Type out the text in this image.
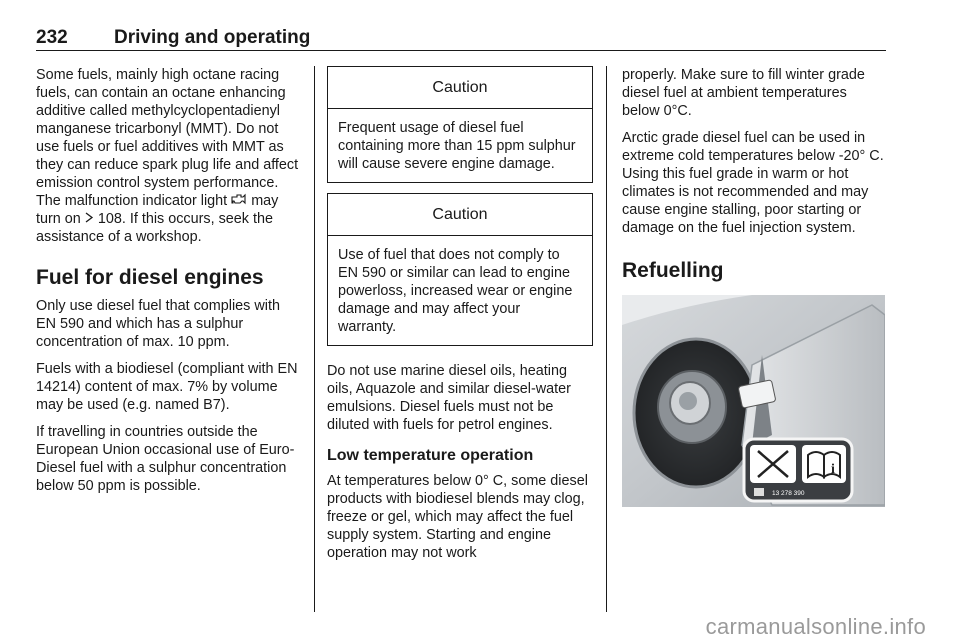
232 Driving and operating

Some fuels, mainly high octane racing fuels, can contain an octane enhancing additive called methylcyclopentadienyl manganese tricarbonyl (MMT). Do not use fuels or fuel additives with MMT as they can reduce spark plug life and affect emission control system performance. The malfunction indicator light may turn on 108. If this occurs, seek the assistance of a workshop.

Fuel for diesel engines

Only use diesel fuel that complies with EN 590 and which has a sulphur concentration of max. 10 ppm.

Fuels with a biodiesel (compliant with EN 14214) content of max. 7% by volume may be used (e.g. named B7).

If travelling in countries outside the European Union occasional use of Euro-Diesel fuel with a sulphur concentration below 50 ppm is possible.

Caution
Frequent usage of diesel fuel containing more than 15 ppm sulphur will cause severe engine damage.
Caution
Use of fuel that does not comply to EN 590 or similar can lead to engine powerloss, increased wear or engine damage and may affect your warranty.

Do not use marine diesel oils, heating oils, Aquazole and similar diesel-water emulsions. Diesel fuels must not be diluted with fuels for petrol engines.

Low temperature operation

At temperatures below 0° C, some diesel products with biodiesel blends may clog, freeze or gel, which may affect the fuel supply system. Starting and engine operation may not work

properly. Make sure to fill winter grade diesel fuel at ambient temperatures below 0°C.

Arctic grade diesel fuel can be used in extreme cold temperatures below -20° C. Using this fuel grade in warm or hot climates is not recommended and may cause engine stalling, poor starting or damage on the fuel injection system.

Refuelling
i
13 278 390
carmanualsonline.info
